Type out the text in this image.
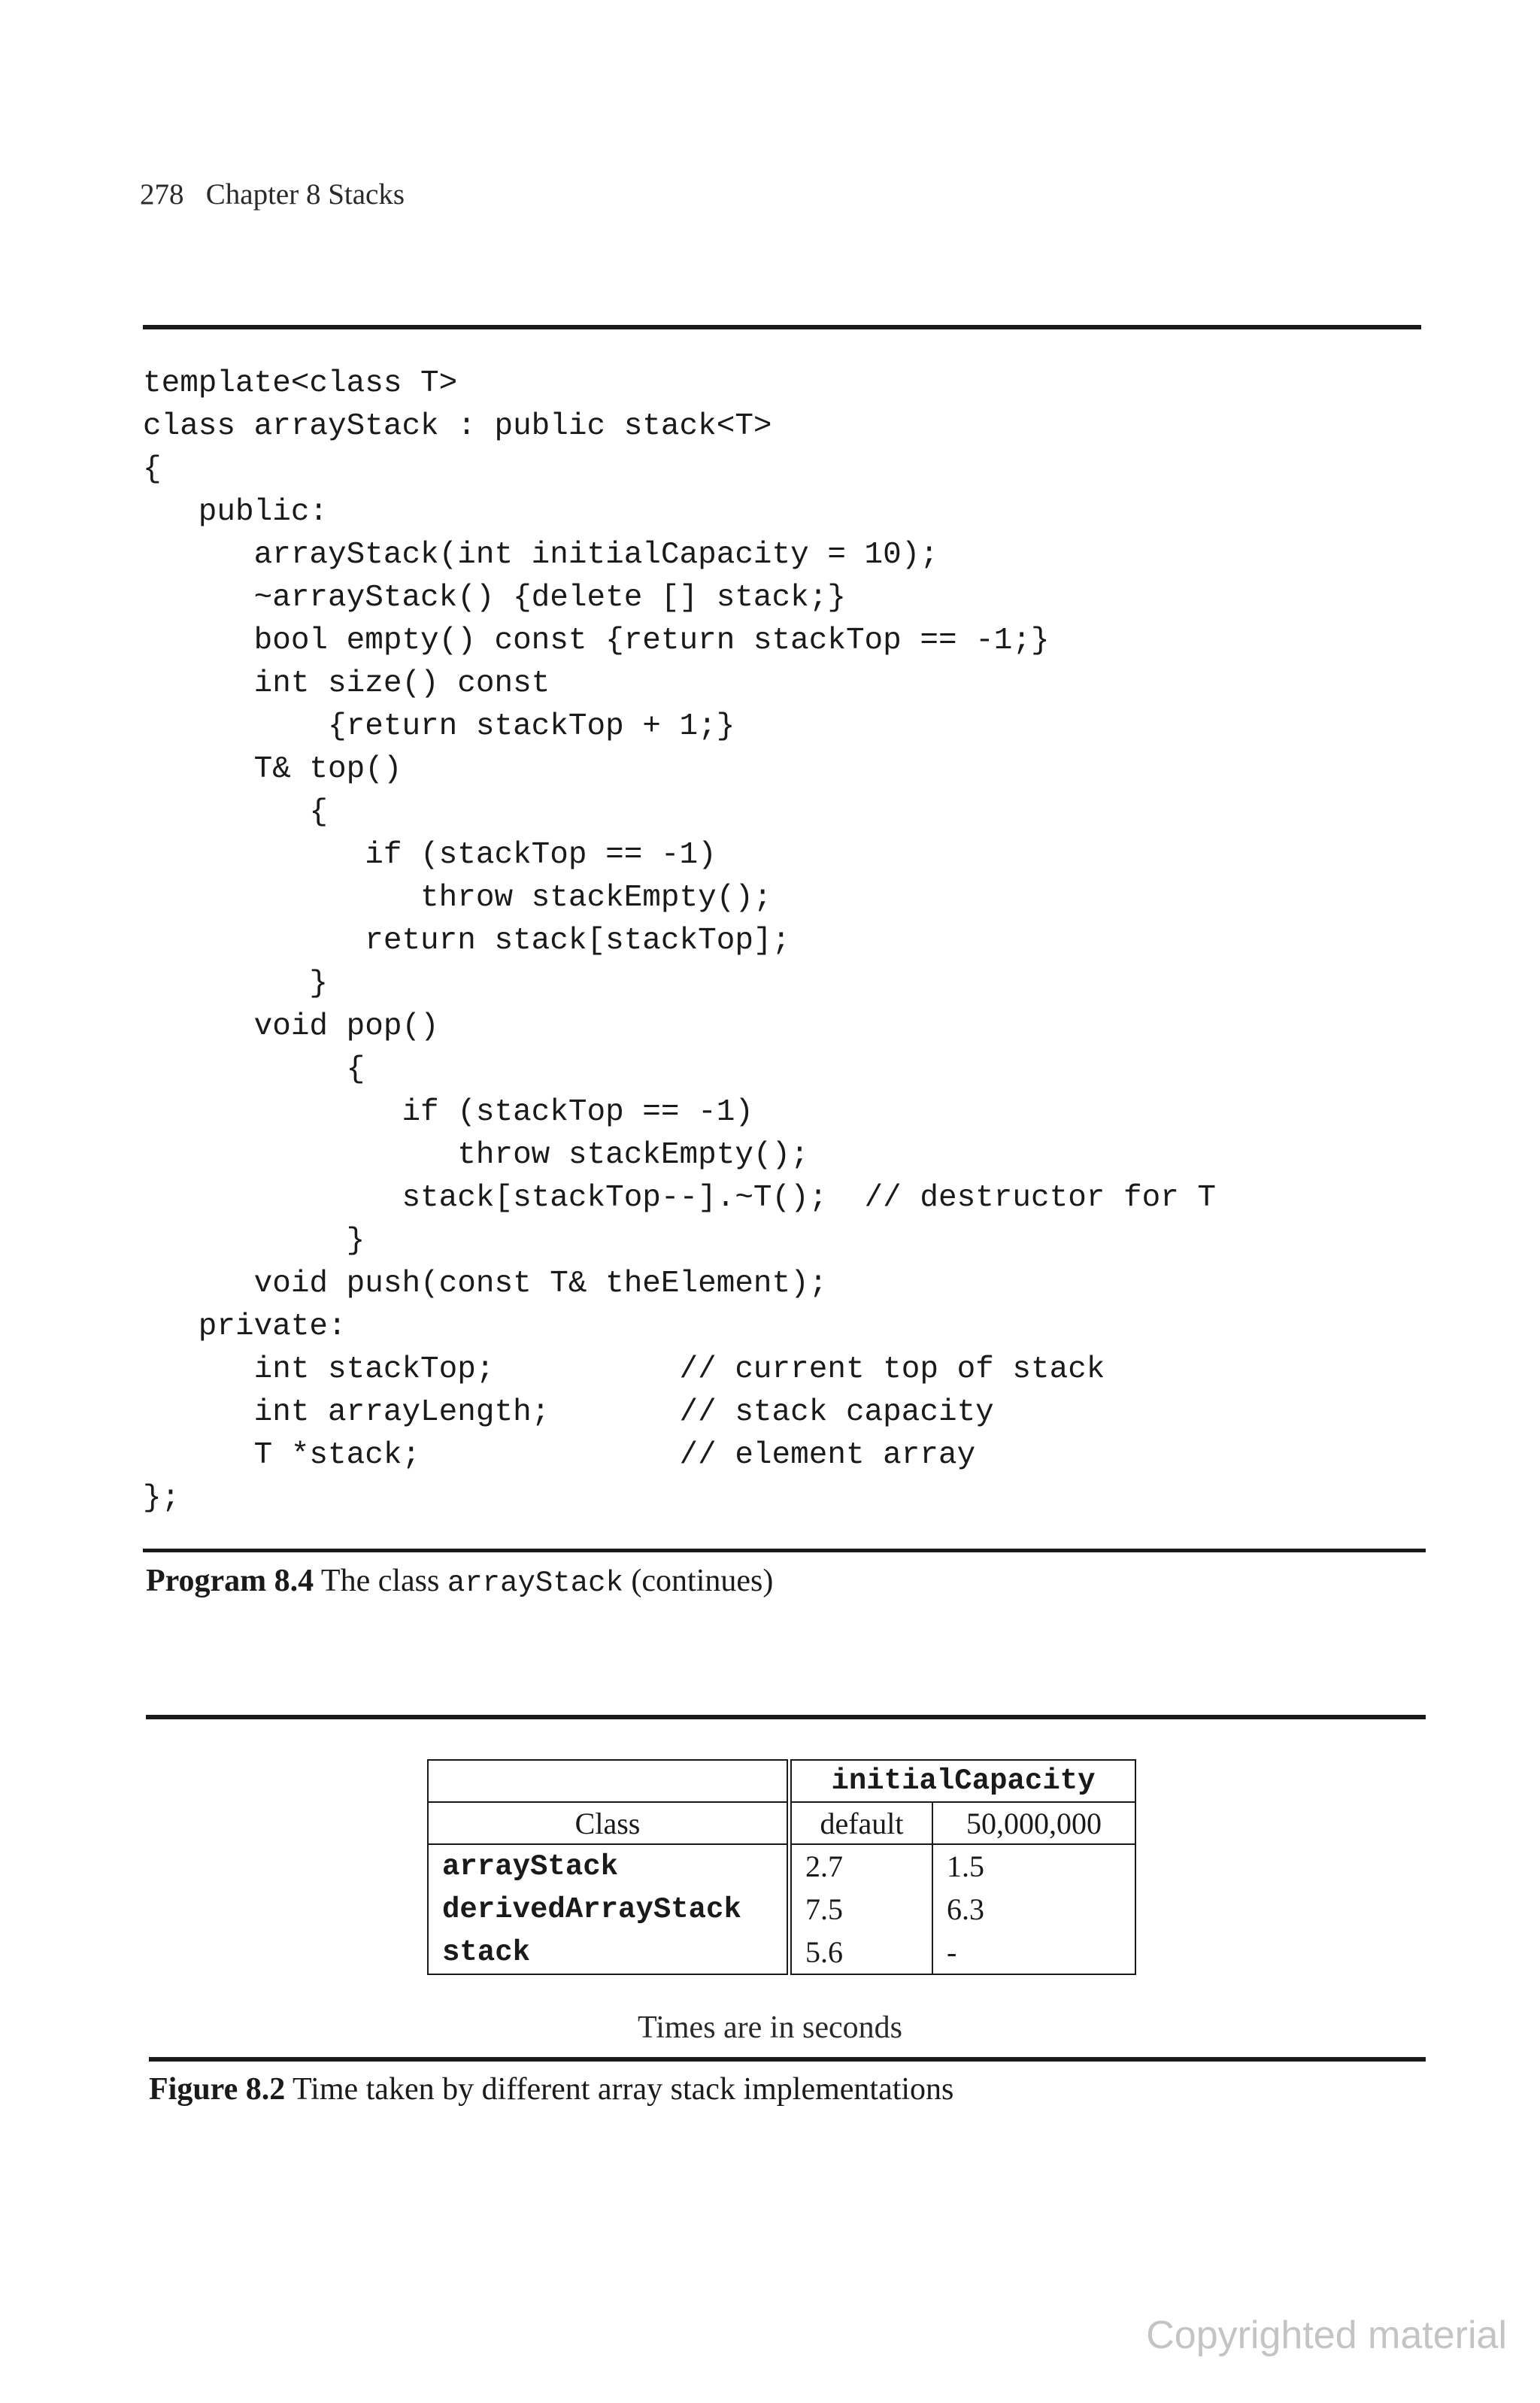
278 Chapter 8 Stacks
template<class T>
class arrayStack : public stack<T>
{
public:
arrayStack(int initialCapacity = 10);
~arrayStack() {delete [] stack;}
bool empty() const {return stackTop == -1;}
int size() const
{return stackTop + 1;}
T& top()
{
if (stackTop == -1)
throw stackEmpty();
return stack[stackTop];
}
void pop()
{
if (stackTop == -1)
throw stackEmpty();
stack[stackTop--].~T();  // destructor for T
}
void push(const T& theElement);
private:
int stackTop;          // current top of stack
int arrayLength;       // stack capacity
T *stack;              // element array
};
Program 8.4 The class arrayStack (continues)
	initialCapacity	
Class	default	50,000,000
arrayStack	2.7	1.5
derivedArrayStack	7.5	6.3
stack	5.6	-
Times are in seconds
Figure 8.2 Time taken by different array stack implementations
Copyrighted material
